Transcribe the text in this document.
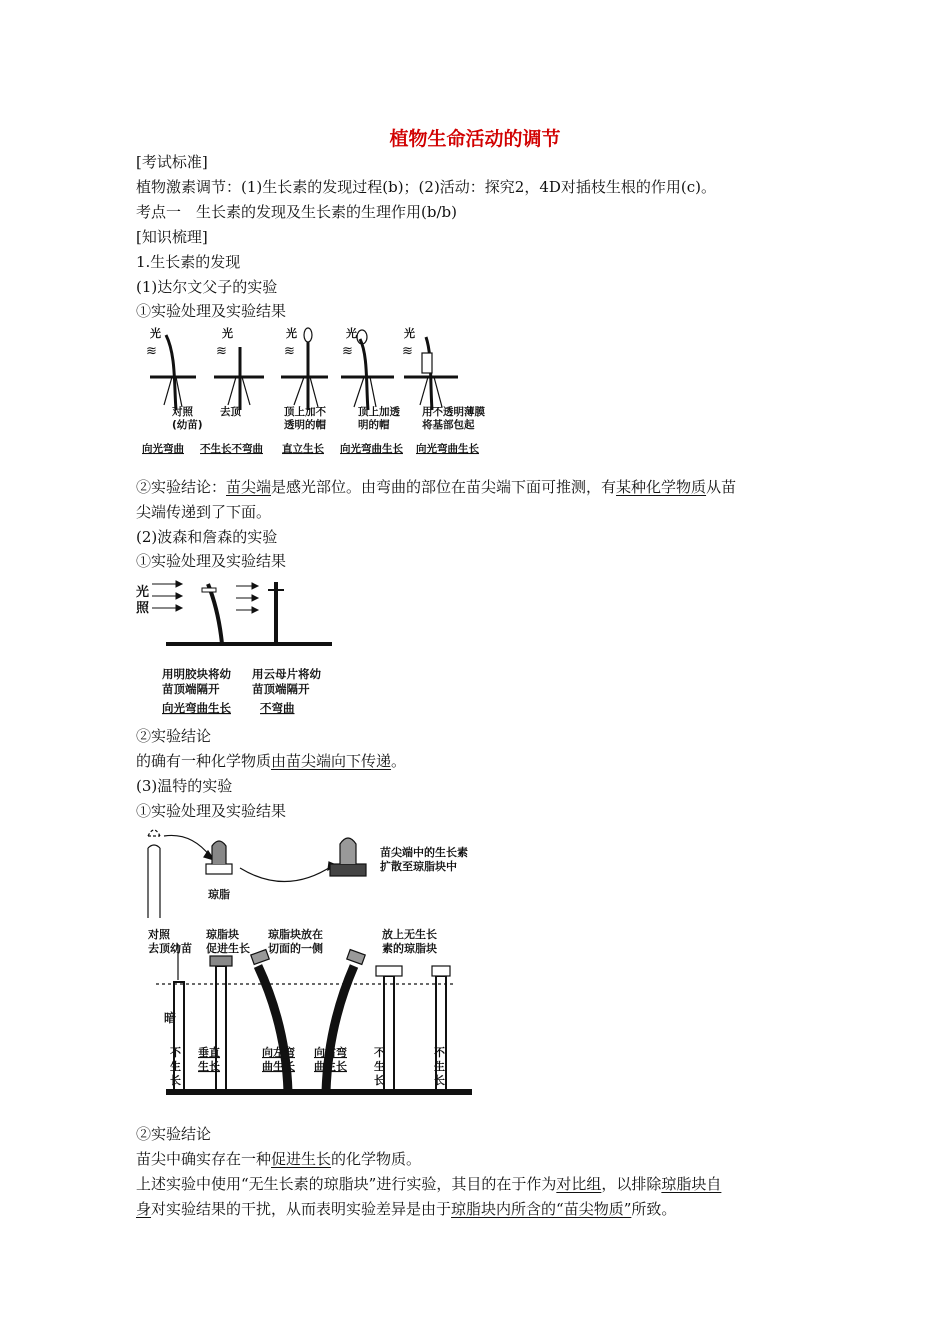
植物生命活动的调节
[考试标准]
植物激素调节：(1)生长素的发现过程(b)；(2)活动：探究2，4D对插枝生根的作用(c)。
考点一　生长素的发现及生长素的生理作用(b/b)
[知识梳理]
1.生长素的发现
(1)达尔文父子的实验
①实验处理及实验结果
光	光	光	光	光
≋	≋	≋	≋	≋
对照(幼苗)
去顶	顶上加不透明的帽
顶上加透明的帽
用不透明薄膜将基部包起
向光弯曲 不生长不弯曲 直立生长 向光弯曲生长 向光弯曲生长
②实验结论：苗尖端是感光部位。由弯曲的部位在苗尖端下面可推测，有某种化学物质从苗
尖端传递到了下面。
(2)波森和詹森的实验
①实验处理及实验结果
光
照
用明胶块将幼苗顶端隔开
用云母片将幼苗顶端隔开
向光弯曲生长	不弯曲
②实验结论
的确有一种化学物质由苗尖端向下传递。
(3)温特的实验
①实验处理及实验结果
琼脂
暗
苗尖端中的生长素扩散至琼脂块中
对照去顶幼苗
琼脂块促进生长
琼脂块放在切面的一侧
放上无生长素的琼脂块
不生长
垂直生长
向左弯曲生长
向右弯曲生长
不生长
不生长
②实验结论
苗尖中确实存在一种促进生长的化学物质。
上述实验中使用“无生长素的琼脂块”进行实验，其目的在于作为对比组，以排除琼脂块自
身对实验结果的干扰，从而表明实验差异是由于琼脂块内所含的“苗尖物质”所致。
